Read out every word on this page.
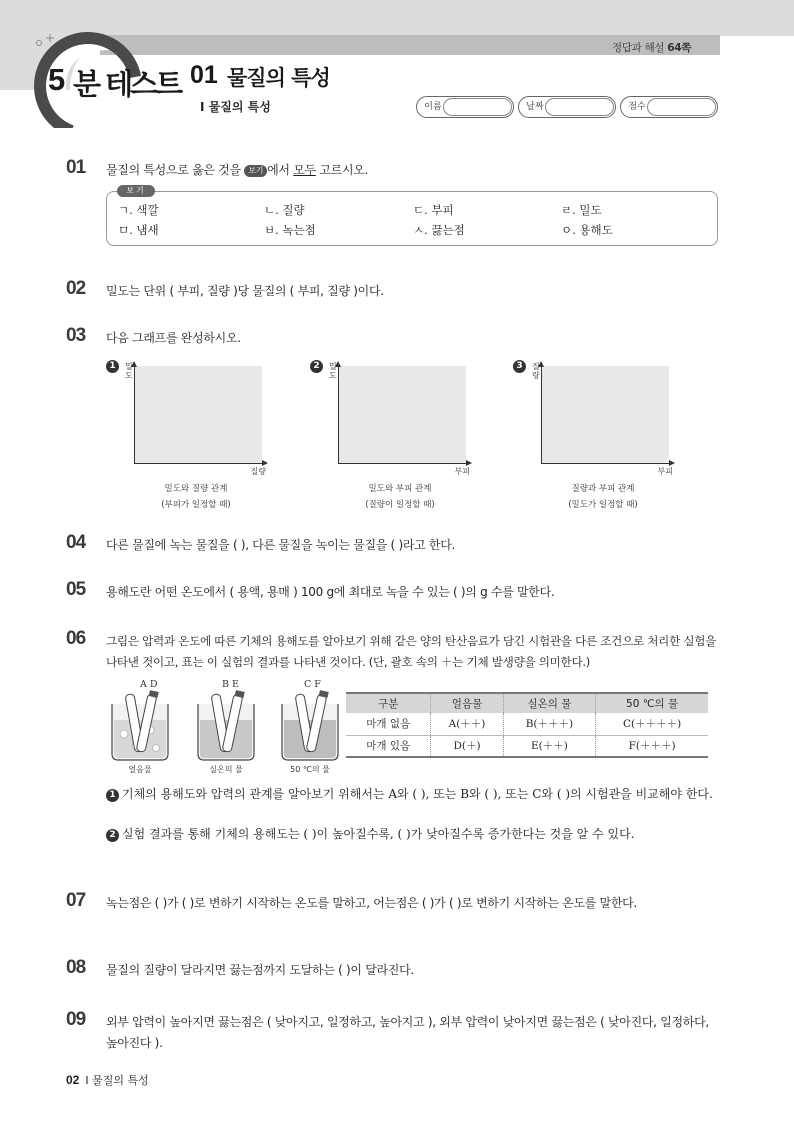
정답과 해설 64쪽
5 분 테스트 01 물질의 특성
Ⅰ 물질의 특성	이름	날짜	점수
01 물질의 특성으로 옳은 것을 보기 에서 모두 고르시오.
보기
ㄱ. 색깔	ㄴ. 질량	ㄷ. 부피	ㄹ. 밀도
ㅁ. 냄새	ㅂ. 녹는점	ㅅ. 끓는점	ㅇ. 용해도
02 밀도는 단위 ( 부피, 질량 )당 물질의 ( 부피, 질량 )이다.
03 다음 그래프를 완성하시오.
1	밀도
질량
밀도와 질량 관계
(부피가 일정할 때)
2	밀도
부피
밀도와 부피 관계
(질량이 일정할 때)
3	질량
부피
질량과 부피 관계
(밀도가 일정할 때)
04 다른 물질에 녹는 물질을 ( ), 다른 물질을 녹이는 물질을 ( )라고 한다.
05 용해도란 어떤 온도에서 ( 용액, 용매 ) 100 g에 최대로 녹을 수 있는 ( )의 g 수를 말한다.
06 그림은 압력과 온도에 따른 기체의 용해도를 알아보기 위해 같은 양의 탄산음료가 담긴 시험관을 다른 조건으로 처리한 실험을 나타낸 것이고, 표는 이 실험의 결과를 나타낸 것이다. (단, 괄호 속의 ＋는 기체 발생량을 의미한다.)
A D	B E	C F
얼음물	실온의 물	50 ℃의 물
구분	얼음물	실온의 물	50 ℃의 물
마개 없음	A(＋＋)	B(＋＋＋)	C(＋＋＋＋)
마개 있음	D(＋)	E(＋＋)	F(＋＋＋)
1 기체의 용해도와 압력의 관계를 알아보기 위해서는 A와 ( ), 또는 B와 ( ), 또는 C와 ( )의 시험관을 비교해야 한다.
2 실험 결과를 통해 기체의 용해도는 ( )이 높아질수록, ( )가 낮아질수록 증가한다는 것을 알 수 있다.
07 녹는점은 ( )가 ( )로 변하기 시작하는 온도를 말하고, 어는점은 ( )가 ( )로 변하기 시작하는 온도를 말한다.
08 물질의 질량이 달라지면 끓는점까지 도달하는 ( )이 달라진다.
09 외부 압력이 높아지면 끓는점은 ( 낮아지고, 일정하고, 높아지고 ), 외부 압력이 낮아지면 끓는점은 ( 낮아진다, 일정하다, 높아진다 ).
02 Ⅰ 물질의 특성
